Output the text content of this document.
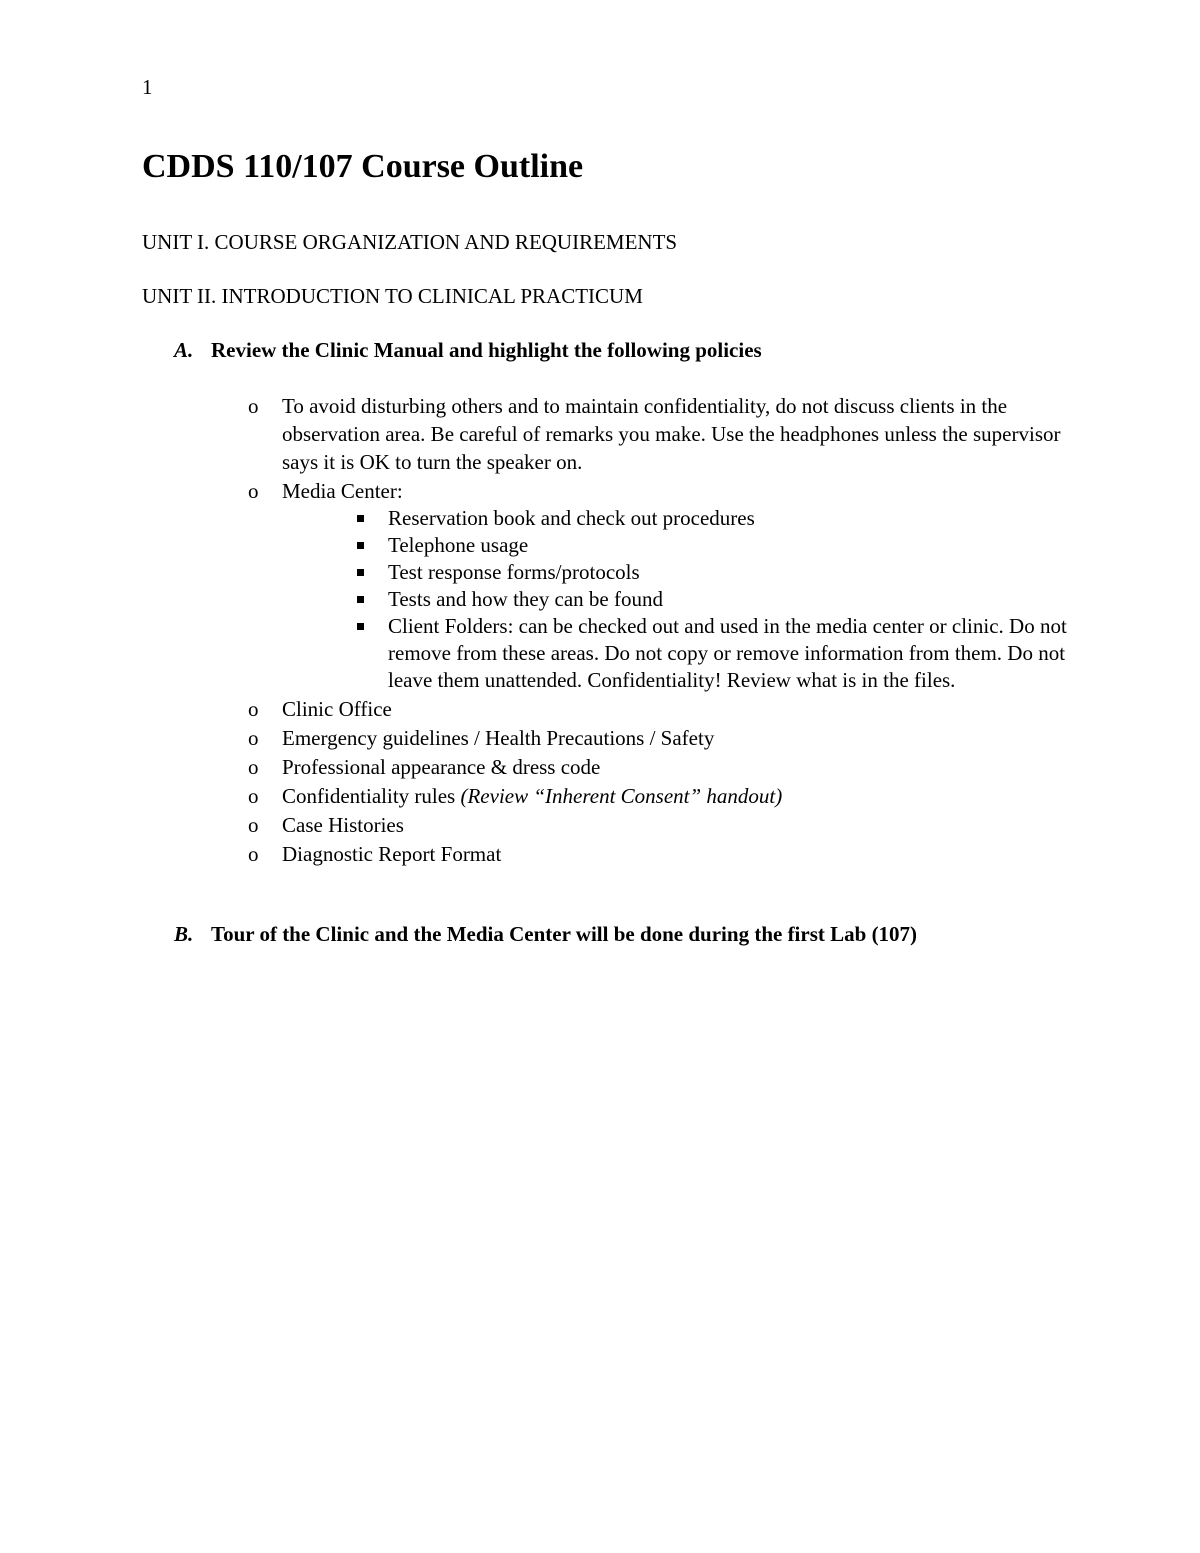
1
CDDS 110/107 Course Outline
UNIT I. COURSE ORGANIZATION AND REQUIREMENTS
UNIT II. INTRODUCTION TO CLINICAL PRACTICUM
A. Review the Clinic Manual and highlight the following policies
o To avoid disturbing others and to maintain confidentiality, do not discuss clients in the observation area. Be careful of remarks you make. Use the headphones unless the supervisor says it is OK to turn the speaker on.
o Media Center:
Reservation book and check out procedures
Telephone usage
Test response forms/protocols
Tests and how they can be found
Client Folders: can be checked out and used in the media center or clinic. Do not remove from these areas. Do not copy or remove information from them. Do not leave them unattended. Confidentiality! Review what is in the files.
o Clinic Office
o Emergency guidelines / Health Precautions / Safety
o Professional appearance & dress code
o Confidentiality rules (Review “Inherent Consent” handout)
o Case Histories
o Diagnostic Report Format
B. Tour of the Clinic and the Media Center will be done during the first Lab (107)
